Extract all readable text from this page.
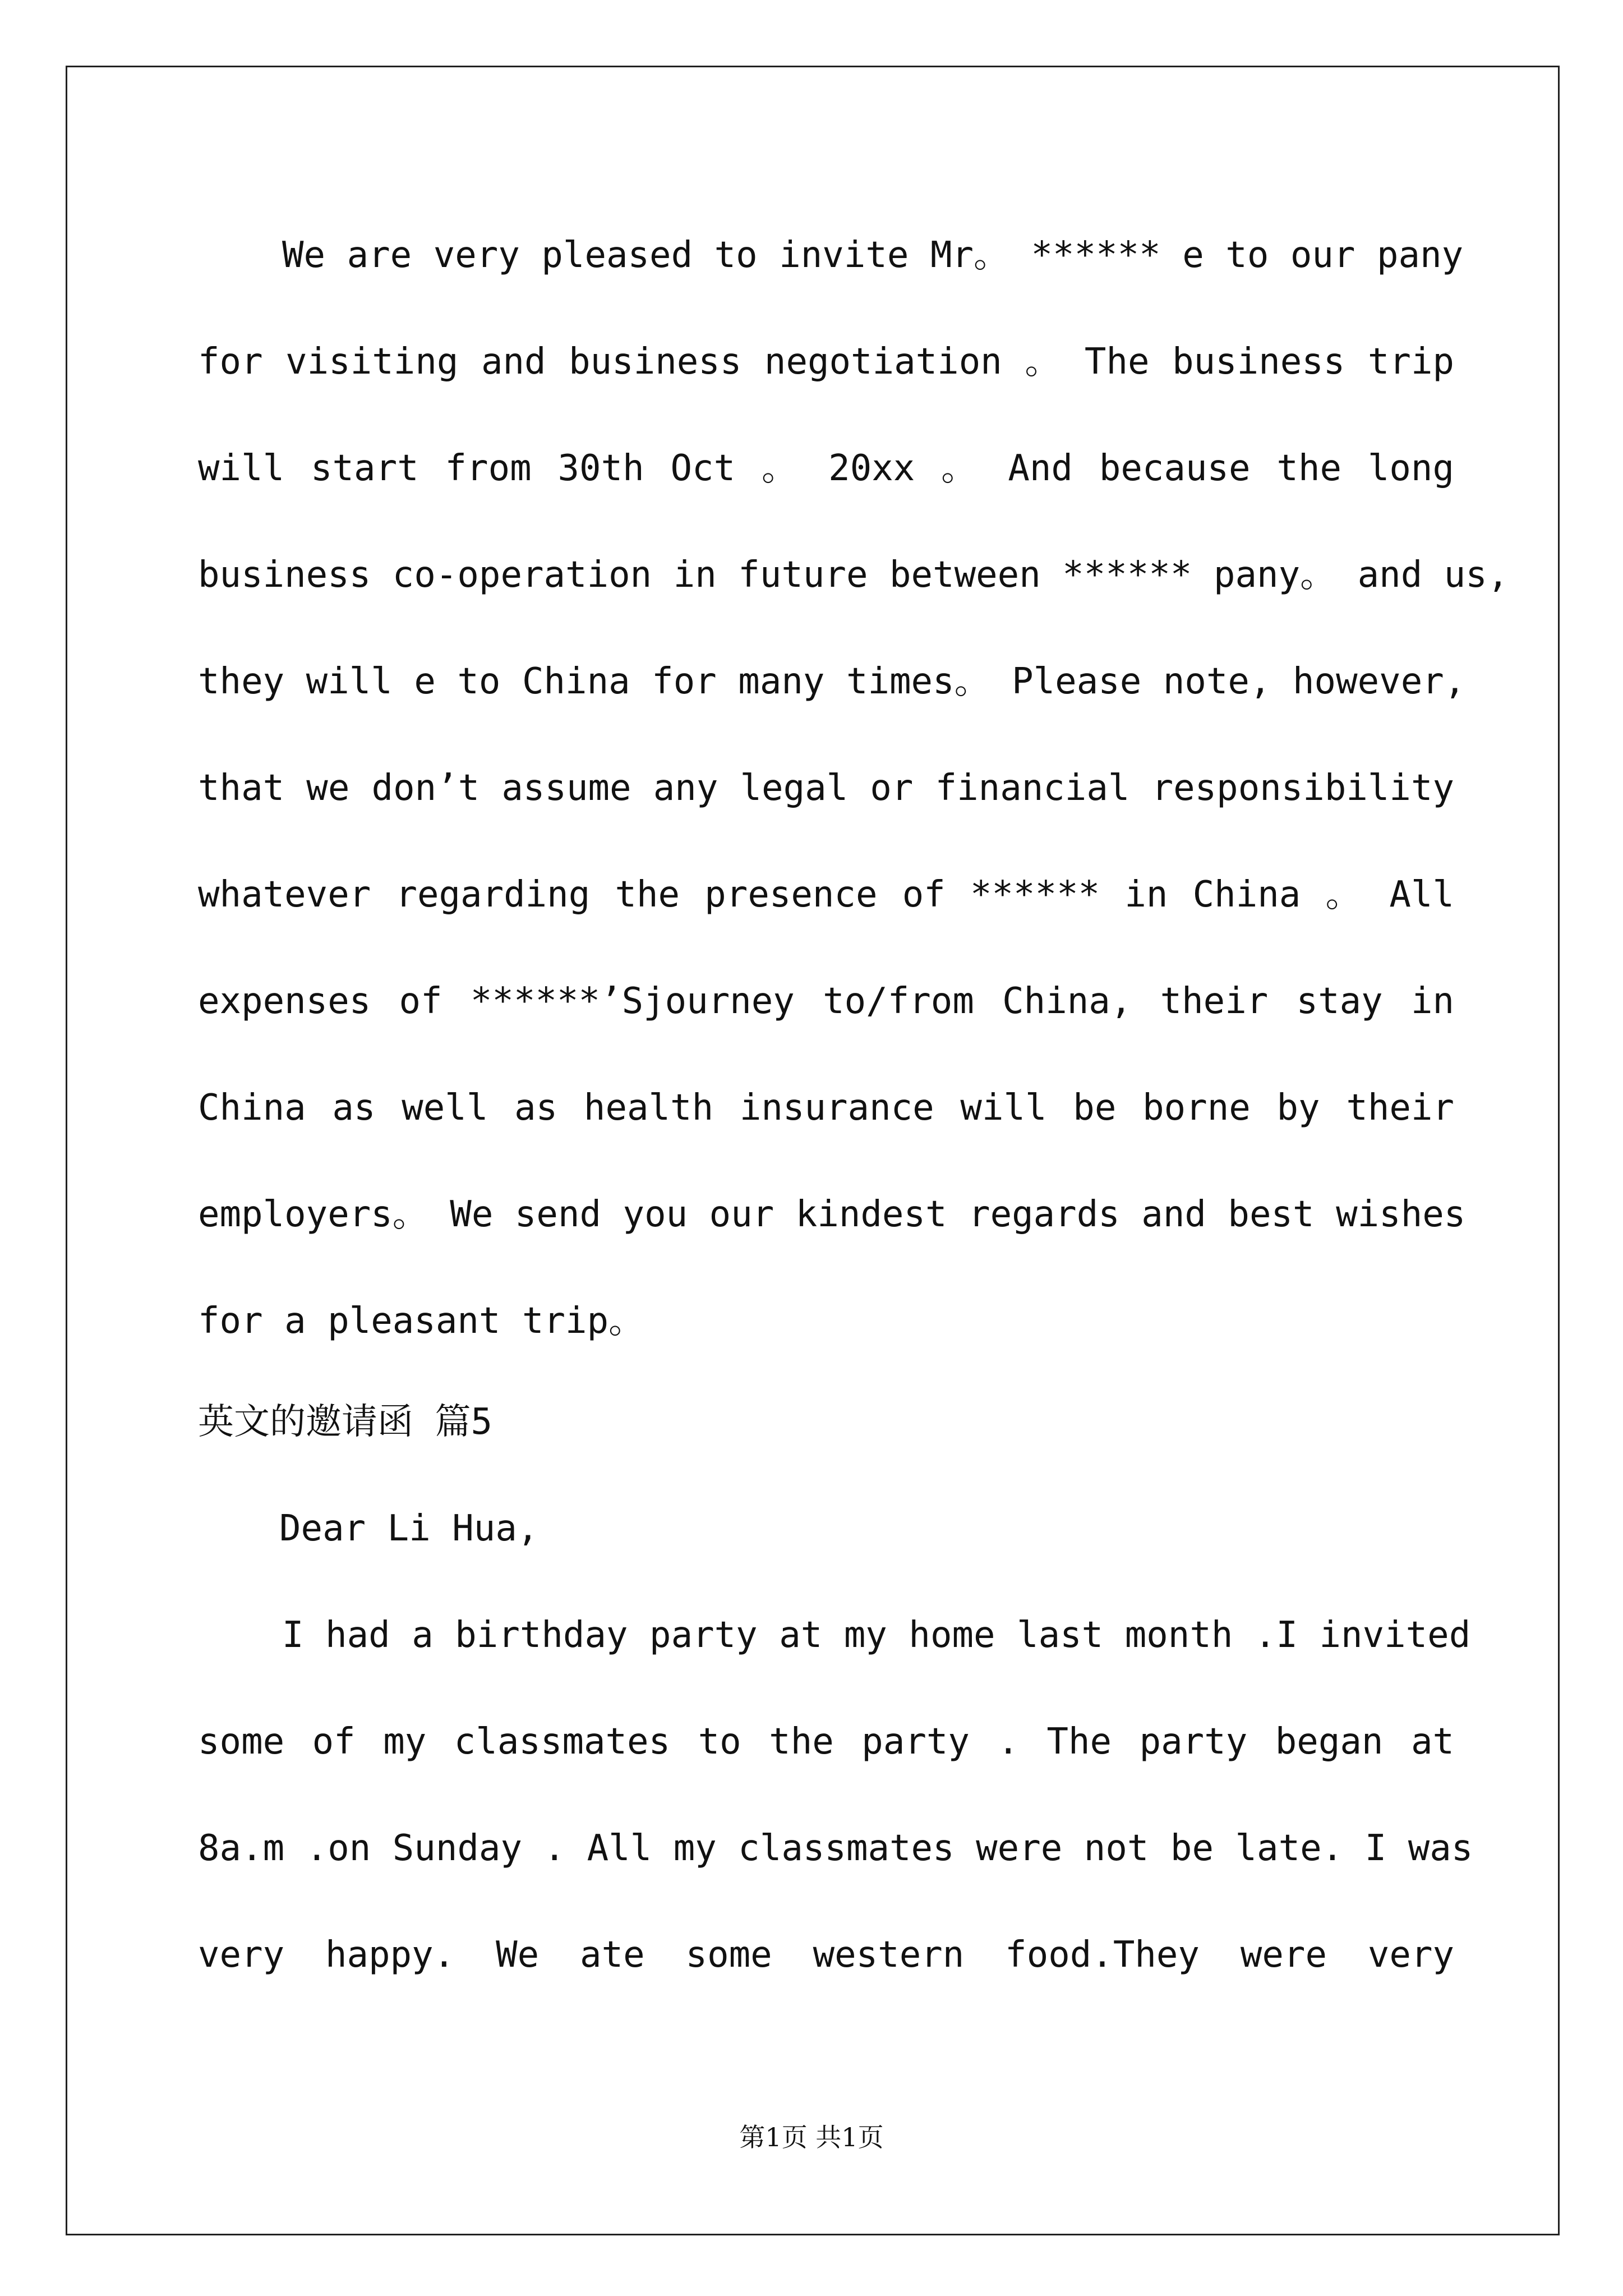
We are very pleased to invite Mr。 ****** e to our pany
for visiting and business negotiation 。 The business trip
will start from 30th Oct 。 20xx 。 And because the long
business co-operation in future between ****** pany。 and us,
they will e to China for many times。 Please note, however,
that we don’t assume any legal or financial responsibility
whatever regarding the presence of ****** in China 。 All
expenses of ******’Sjourney to/from China, their stay in
China as well as health insurance will be borne by their
employers。 We send you our kindest regards and best wishes
for a pleasant trip。
英文的邀请函 篇5
Dear Li Hua,
I had a birthday party at my home last month .I invited
some of my classmates to the party . The party began at
8a.m .on Sunday . All my classmates were not be late. I was
very happy. We ate some western food.They were very
第1页 共1页
